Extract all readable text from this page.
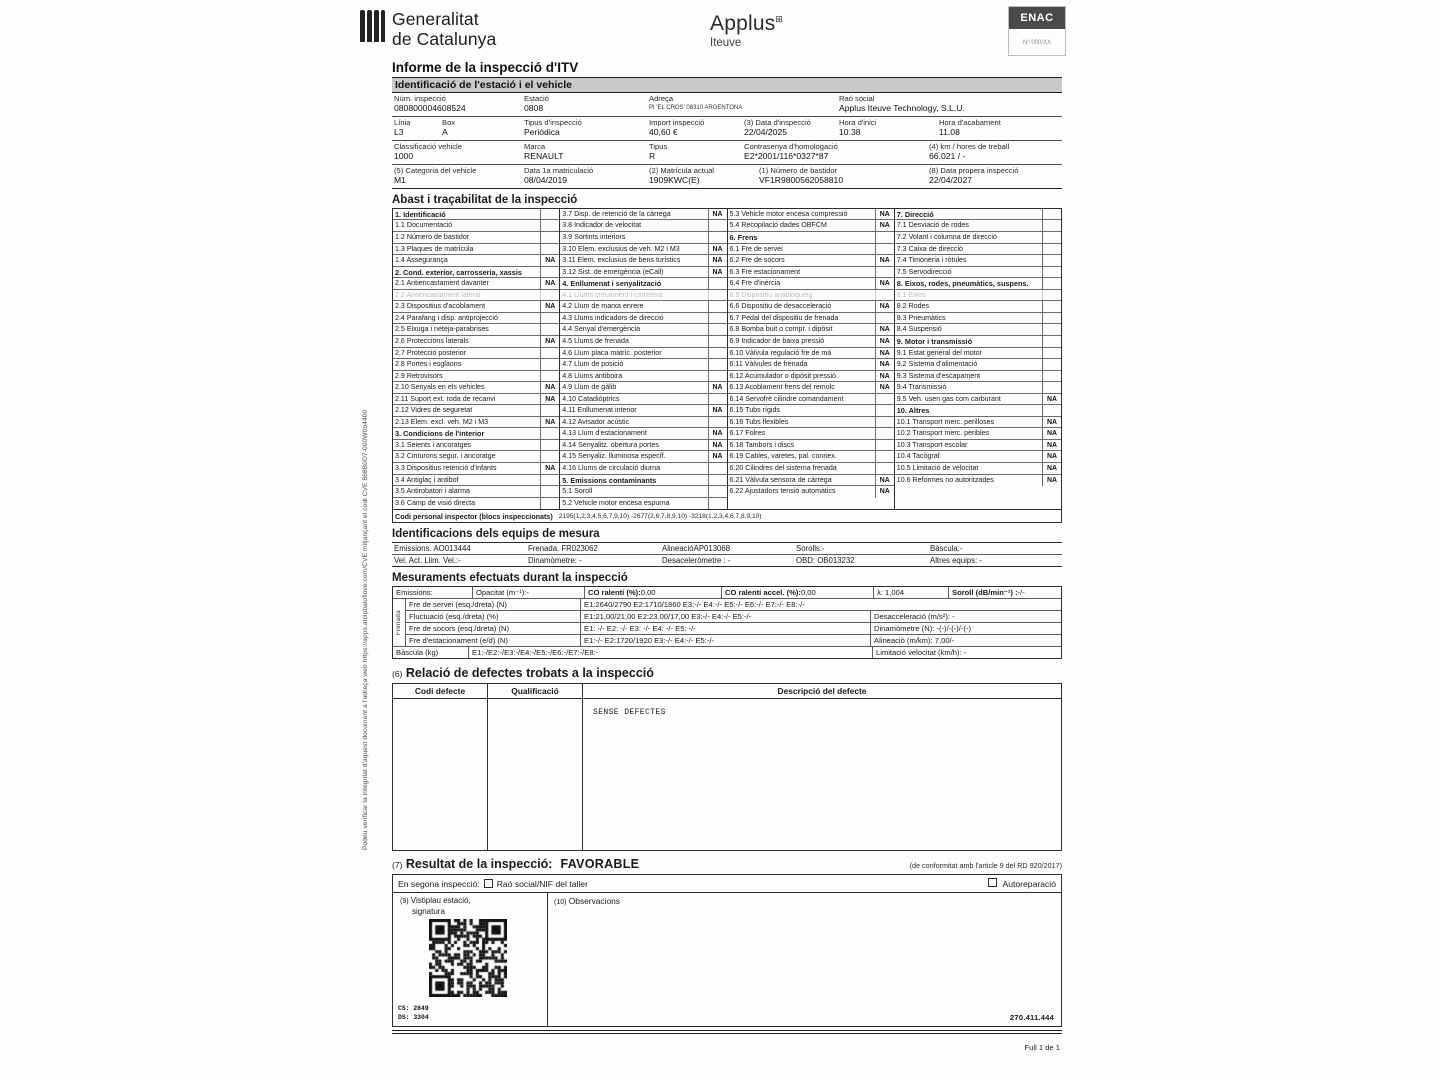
Podeu verificar la integritat d'aquest document a l'adreça web https://apps.atcipbalofiove.com/CVE mitjançant el codi CVE 868B0D7-000W0b4400
Generalitat
de Catalunya
Applus⊞
Iteuve
ENAC
N° 000/XX
Informe de la inspecció d'ITV
Identificació de l'estació i el vehicle
Núm. inspecció
080800004608524
Estació
0808
Adreça
PI 'EL CROS' 08310 ARGENTONA
Raó social
Applus Iteuve Technology, S.L.U.
Línia
L3
Box
A
Tipus d'inspecció
Periòdica
Import inspecció
40,60 €
(3) Data d'inspecció
22/04/2025
Hora d'inici
10.38
Hora d'acabament
11.08
Classificació vehicle
1000
Marca
RENAULT
Tipus
R
Contrasenya d'homologació
E2*2001/116*0327*87
(4) km / hores de treball
66.021 / -
(5) Categoria del vehicle
M1
Data 1a matriculació
08/04/2019
(2) Matrícula actual
1909KWC(E)
(1) Número de bastidor
VF1R9800562058810
(8) Data propera inspecció
22/04/2027
Abast i traçabilitat de la inspecció
1. Identificació
1.1 Documentació
1.2 Número de bastidor
1.3 Plaques de matrícula
1.4 Assegurança	NA
2. Cond. exterior, carrosseria, xassis
2.1 Antiencastament davanter	NA
2.2 Antiencastament lateral
2.3 Dispositius d'acoblament	NA
2.4 Parafang i disp. antiprojecció
2.5 Eixuga i neteja-parabrises
2.6 Proteccions laterals	NA
2.7 Protecció posterior
2.8 Portes i esglaons
2.9 Retrovisors
2.10 Senyals en els vehicles	NA
2.11 Suport ext. roda de recanvi	NA
2.12 Vidres de seguretat
2.13 Elem. excl. veh. M2 i M3	NA
3. Condicions de l'interior
3.1 Seients i ancoratges
3.2 Cinturons segur. i ancoratge
3.3 Dispositius retenció d'infants	NA
3.4 Antiglaç i antibof
3.5 Antirobatori i alarma
3.6 Camp de visió directa
3.7 Disp. de retenció de la càrrega	NA
3.8 Indicador de velocitat
3.9 Sortints interiors
3.10 Elem. exclusius de veh. M2 i M3	NA
3.11 Elem. exclusius de bens turístics	NA
3.12 Sist. de emergència (eCall)	NA
4. Enllumenat i senyalització
4.1 Llums creuament i carretera
4.2 Llum de marxa enrere
4.3 Llums indicadors de direcció
4.4 Senyal d'emergència
4.5 Llums de frenada
4.6 Llum placa matríc. posterior
4.7 Llum de posició
4.8 Llums antiboira
4.9 Llum de gàlib	NA
4.10 Catadiòptrics
4.11 Enllumenat interior	NA
4.12 Avisador acústic
4.13 Llum d'estacionament	NA
4.14 Senyalitz. obertura portes	NA
4.15 Senyaliz. lluminosa específ.	NA
4.16 Llums de circulació diurna
5. Emissions contaminants
5.1 Soroll
5.2 Vehicle motor encesa espurna
5.3 Vehicle motor encesa compressió	NA
5.4 Recopilació dades OBFCM	NA
6. Frens
6.1 Fre de servei
6.2 Fre de socors	NA
6.3 Fre estacionament
6.4 Fre d'inèrcia	NA
6.5 Dispositiu antibloqueig
6.6 Dispositiu de desacceleració	NA
6.7 Pedal del dispositiu de frenada
6.8 Bomba buit o compr. i dipòsit	NA
6.9 Indicador de baixa pressió	NA
6.10 Vàlvula regulació fre de mà	NA
6.11 Vàlvules de frenada	NA
6.12 Acumulador o dipòsit pressió	NA
6.13 Acoblament frens del remolc	NA
6.14 Servofrè cilindre comandament
6.15 Tubs rígids
6.16 Tubs flexibles
6.17 Folres
6.18 Tambors i discs
6.19 Cables, varetes, pal. connex.
6.20 Cilindres del sistema frenada
6.21 Vàlvula sensora de càrrega	NA
6.22 Ajustadors tensió automàtics	NA
7. Direcció
7.1 Desviació de rodes
7.2 Volant i columna de direcció
7.3 Caixa de direcció
7.4 Timoneria i ròtules
7.5 Servodirecció
8. Eixos, rodes, pneumàtics, suspens.
8.1 Eixos
8.2 Rodes
8.3 Pneumàtics
8.4 Suspensió
9. Motor i transmissió
9.1 Estat general del motor
9.2 Sistema d'alimentació
9.3 Sistema d'escapament
9.4 Transmissió
9.5 Veh. usen gas com carburant	NA
10. Altres
10.1 Transport merc. perilloses	NA
10.2 Transport merc. peribles	NA
10.3 Transport escolar	NA
10.4 Tacògraf	NA
10.5 Limitació de velocitat	NA
10.6 Reformes no autoritzades	NA
Codi personal inspector (blocs inspeccionats) 2195(1,2,3,4,5,6,7,9,10) -2677(2,6,7,8,9,10) -3218(1,2,3,4,6,7,8,9,10)
Identificacions dels equips de mesura
Emissions. AO013444	Frenada. FR023062	AlineacióAP013068	Sorolls:-	Bàscula:-
Vel. Act. Llim. Vel.:-	Dinamòmetre: -	Desaceleròmetre : -	OBD: OB013232	Altres equips: -
Mesuraments efectuats durant la inspecció
Emissions:	Opacitat (m⁻¹):-	CO ralentí (%):0,00	CO ralentí accel. (%):0,00	λ: 1,004	Soroll (dB/min⁻¹) :-/-
Frenada
Fre de servei (esq./dreta) (N)	E1:2640/2790 E2:1710/1860 E3:-/- E4:-/- E5:-/- E6:-/- E7:-/- E8:-/-
Fluctuació (esq./dreta) (%)	E1:21,00/21,00 E2:23,00/17,00 E3:-/- E4:-/- E5:-/-	Desacceleració (m/s²): -
Fre de socors (esq./dreta) (N)	E1: -/- E2: -/- E3: -/- E4: -/- E5: -/-	Dinamòmetre (N): -(-)/-(-)/-(-)
Fre d'estacionament (e/d) (N)	E1:-/- E2:1720/1920 E3:-/- E4:-/- E5:-/-	Alineació (m/km): 7,00/-
Bàscula (kg)	E1:-/E2:-/E3:-/E4:-/E5:-/E6:-/E7:-/E8:-	Limitació velocitat (km/h): -
(6) Relació de defectes trobats a la inspecció
Codi defecte	Qualificació	Descripció del defecte
SENSE DEFECTES
(7) Resultat de la inspecció: FAVORABLE	(de conformitat amb l'article 9 del RD 920/2017)
En segona inspecció: Raó social/NIF del taller	Autoreparació
(9) Vistiplau estació,
signatura
CS: 2849
DS: 3304
(10) Observacions
270.411.444
Full 1 de 1
